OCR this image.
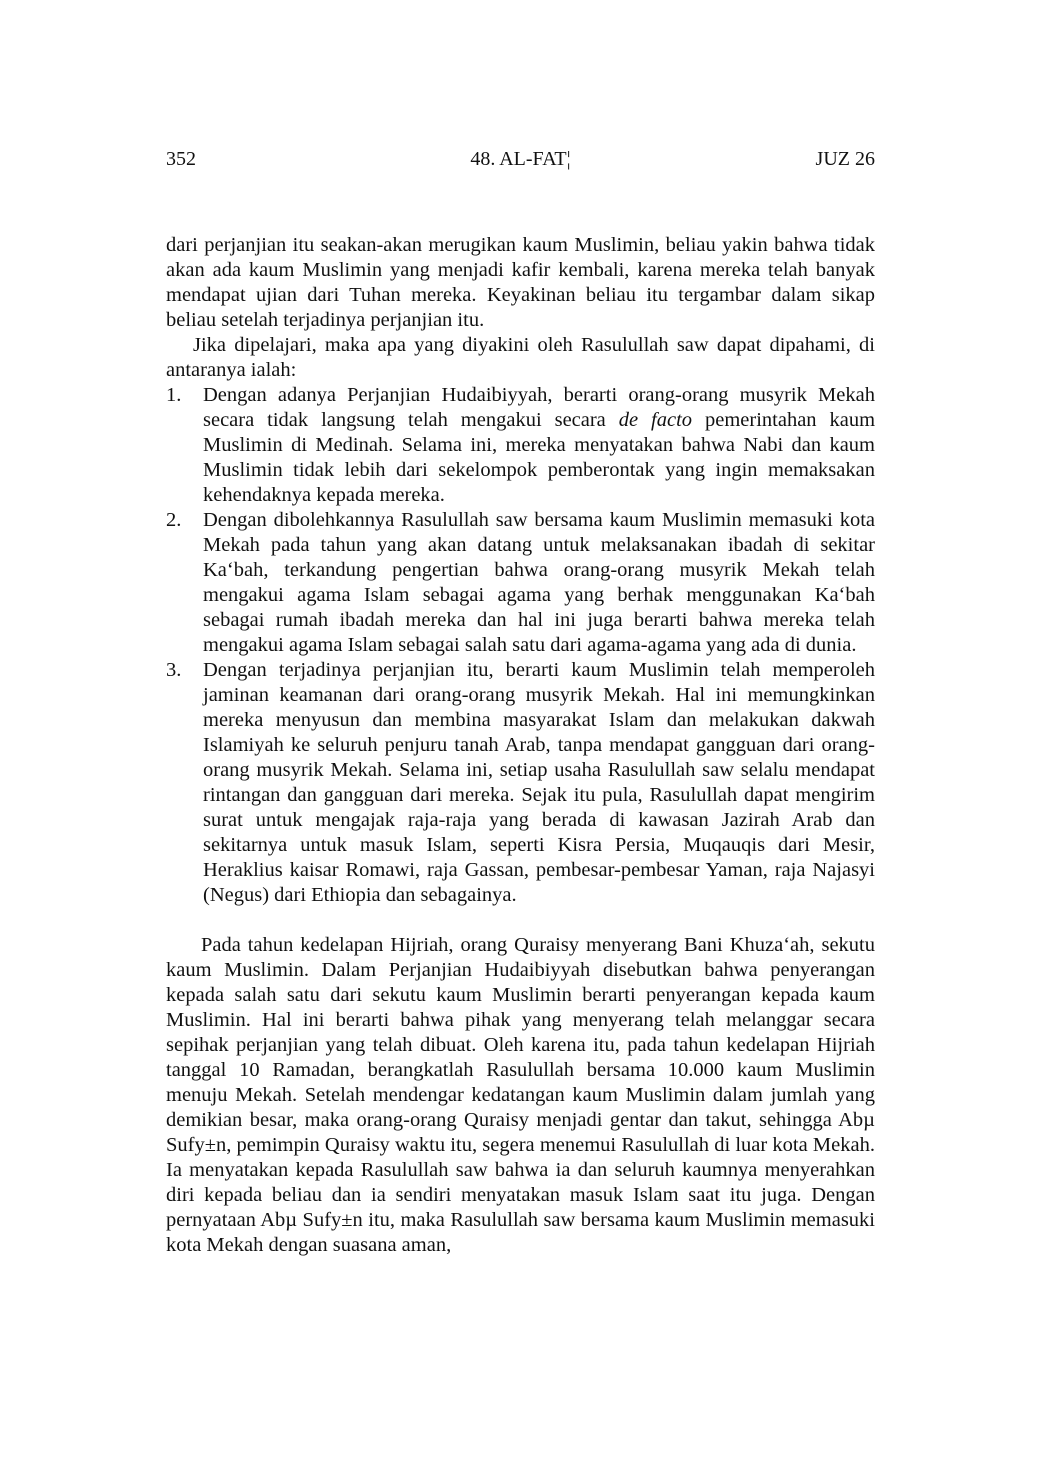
352	48. AL-FAT¦	JUZ 26

dari perjanjian itu seakan-akan merugikan kaum Muslimin, beliau yakin bahwa tidak akan ada kaum Muslimin yang menjadi kafir kembali, karena mereka telah banyak mendapat ujian dari Tuhan mereka. Keyakinan beliau itu tergambar dalam sikap beliau setelah terjadinya perjanjian itu.

Jika dipelajari, maka apa yang diyakini oleh Rasulullah saw dapat dipahami, di antaranya ialah:

1. Dengan adanya Perjanjian Hudaibiyyah, berarti orang-orang musyrik Mekah secara tidak langsung telah mengakui secara de facto pemerintahan kaum Muslimin di Medinah. Selama ini, mereka menyatakan bahwa Nabi dan kaum Muslimin tidak lebih dari sekelompok pemberontak yang ingin memaksakan kehendaknya kepada mereka.
2. Dengan dibolehkannya Rasulullah saw bersama kaum Muslimin memasuki kota Mekah pada tahun yang akan datang untuk melaksanakan ibadah di sekitar Ka‘bah, terkandung pengertian bahwa orang-orang musyrik Mekah telah mengakui agama Islam sebagai agama yang berhak menggunakan Ka‘bah sebagai rumah ibadah mereka dan hal ini juga berarti bahwa mereka telah mengakui agama Islam sebagai salah satu dari agama-agama yang ada di dunia.
3. Dengan terjadinya perjanjian itu, berarti kaum Muslimin telah memperoleh jaminan keamanan dari orang-orang musyrik Mekah. Hal ini memungkinkan mereka menyusun dan membina masyarakat Islam dan melakukan dakwah Islamiyah ke seluruh penjuru tanah Arab, tanpa mendapat gangguan dari orang-orang musyrik Mekah. Selama ini, setiap usaha Rasulullah saw selalu mendapat rintangan dan gangguan dari mereka. Sejak itu pula, Rasulullah dapat mengirim surat untuk mengajak raja-raja yang berada di kawasan Jazirah Arab dan sekitarnya untuk masuk Islam, seperti Kisra Persia, Muqauqis dari Mesir, Heraklius kaisar Romawi, raja Gassan, pembesar-pembesar Yaman, raja Najasyi (Negus) dari Ethiopia dan sebagainya.

Pada tahun kedelapan Hijriah, orang Quraisy menyerang Bani Khuza‘ah, sekutu kaum Muslimin. Dalam Perjanjian Hudaibiyyah disebutkan bahwa penyerangan kepada salah satu dari sekutu kaum Muslimin berarti penyerangan kepada kaum Muslimin. Hal ini berarti bahwa pihak yang menyerang telah melanggar secara sepihak perjanjian yang telah dibuat. Oleh karena itu, pada tahun kedelapan Hijriah tanggal 10 Ramadan, berangkatlah Rasulullah bersama 10.000 kaum Muslimin menuju Mekah. Setelah mendengar kedatangan kaum Muslimin dalam jumlah yang demikian besar, maka orang-orang Quraisy menjadi gentar dan takut, sehingga Abµ Sufy±n, pemimpin Quraisy waktu itu, segera menemui Rasulullah di luar kota Mekah. Ia menyatakan kepada Rasulullah saw bahwa ia dan seluruh kaumnya menyerahkan diri kepada beliau dan ia sendiri menyatakan masuk Islam saat itu juga. Dengan pernyataan Abµ Sufy±n itu, maka Rasulullah saw bersama kaum Muslimin memasuki kota Mekah dengan suasana aman,
